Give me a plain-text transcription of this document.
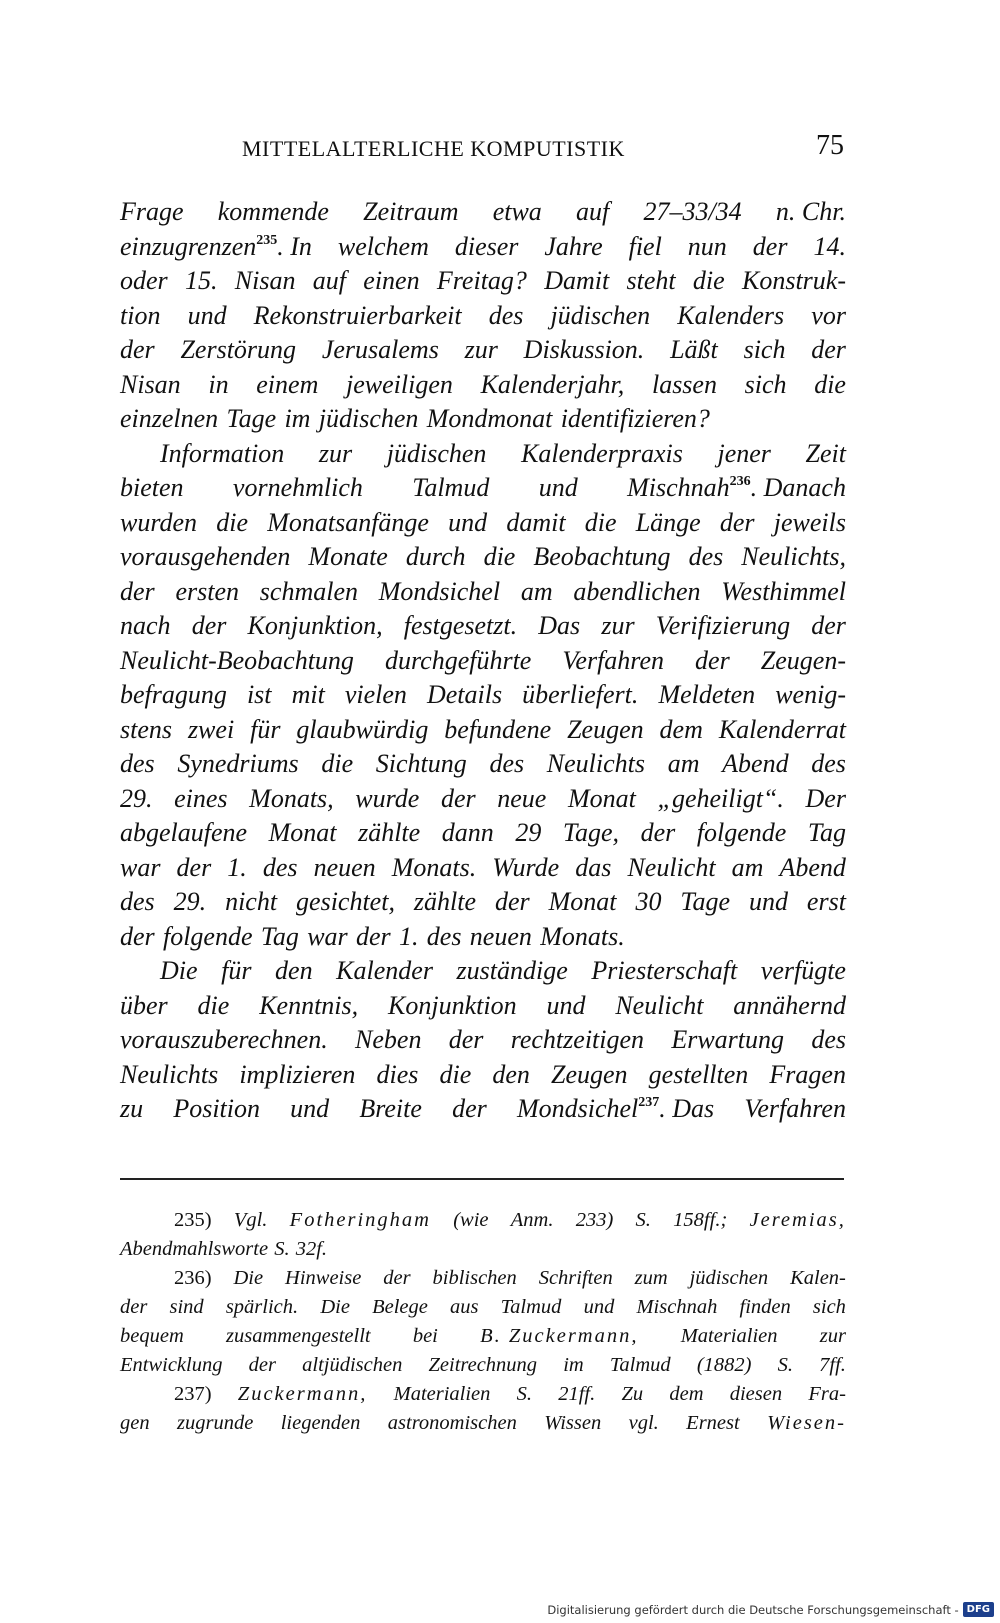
MITTELALTERLICHE KOMPUTISTIK	75
Frage kommende Zeitraum etwa auf 27–33/34 n. Chr.
einzugrenzen$^{235}$. In welchem dieser Jahre fiel nun der 14.
oder 15. Nisan auf einen Freitag? Damit steht die Konstruk-
tion und Rekonstruierbarkeit des jüdischen Kalenders vor
der Zerstörung Jerusalems zur Diskussion. Läßt sich der
Nisan in einem jeweiligen Kalenderjahr, lassen sich die
einzelnen Tage im jüdischen Mondmonat identifizieren?
Information zur jüdischen Kalenderpraxis jener Zeit
bieten vornehmlich Talmud und Mischnah$^{236}$. Danach
wurden die Monatsanfänge und damit die Länge der jeweils
vorausgehenden Monate durch die Beobachtung des Neulichts,
der ersten schmalen Mondsichel am abendlichen Westhimmel
nach der Konjunktion, festgesetzt. Das zur Verifizierung der
Neulicht-Beobachtung durchgeführte Verfahren der Zeugen-
befragung ist mit vielen Details überliefert. Meldeten wenig-
stens zwei für glaubwürdig befundene Zeugen dem Kalenderrat
des Synedriums die Sichtung des Neulichts am Abend des
29. eines Monats, wurde der neue Monat „geheiligt“. Der
abgelaufene Monat zählte dann 29 Tage, der folgende Tag
war der 1. des neuen Monats. Wurde das Neulicht am Abend
des 29. nicht gesichtet, zählte der Monat 30 Tage und erst
der folgende Tag war der 1. des neuen Monats.
Die für den Kalender zuständige Priesterschaft verfügte
über die Kenntnis, Konjunktion und Neulicht annähernd
vorauszuberechnen. Neben der rechtzeitigen Erwartung des
Neulichts implizieren dies die den Zeugen gestellten Fragen
zu Position und Breite der Mondsichel$^{237}$. Das Verfahren
235) Vgl. Fotheringham (wie Anm. 233) S. 158ff.; Jeremias,
Abendmahlsworte S. 32f.
236) Die Hinweise der biblischen Schriften zum jüdischen Kalen-
der sind spärlich. Die Belege aus Talmud und Mischnah finden sich
bequem zusammengestellt bei B. Zuckermann, Materialien zur
Entwicklung der altjüdischen Zeitrechnung im Talmud (1882) S. 7ff.
237) Zuckermann, Materialien S. 21ff. Zu dem diesen Fra-
gen zugrunde liegenden astronomischen Wissen vgl. Ernest Wiesen-
Digitalisierung gefördert durch die Deutsche Forschungsgemeinschaft - DFG
